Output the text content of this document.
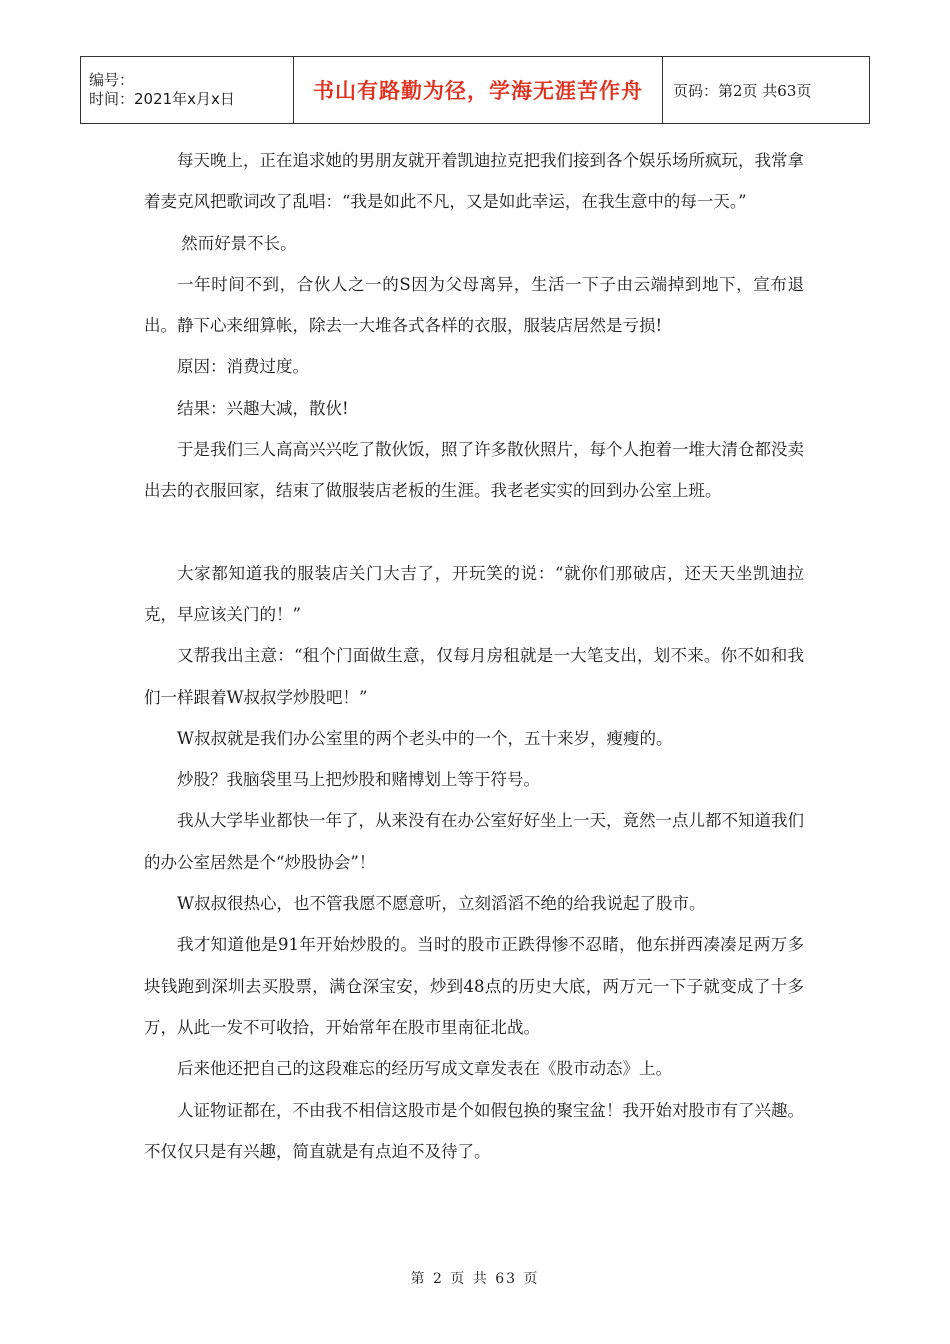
编号：
时间：2021年x月x日	书山有路勤为径，学海无涯苦作舟	页码：第2页 共63页

每天晚上，正在追求她的男朋友就开着凯迪拉克把我们接到各个娱乐场所疯玩，我常拿着麦克风把歌词改了乱唱：“我是如此不凡，又是如此幸运，在我生意中的每一天。”

然而好景不长。

一年时间不到，合伙人之一的S因为父母离异，生活一下子由云端掉到地下，宣布退出。静下心来细算帐，除去一大堆各式各样的衣服，服装店居然是亏损!

原因：消费过度。

结果：兴趣大减，散伙!

于是我们三人高高兴兴吃了散伙饭，照了许多散伙照片，每个人抱着一堆大清仓都没卖出去的衣服回家，结束了做服装店老板的生涯。我老老实实的回到办公室上班。

大家都知道我的服装店关门大吉了，开玩笑的说：“就你们那破店，还天天坐凯迪拉克，早应该关门的！”

又帮我出主意：“租个门面做生意，仅每月房租就是一大笔支出，划不来。你不如和我们一样跟着W叔叔学炒股吧！”

W叔叔就是我们办公室里的两个老头中的一个，五十来岁，瘦瘦的。

炒股？我脑袋里马上把炒股和赌博划上等于符号。

我从大学毕业都快一年了，从来没有在办公室好好坐上一天，竟然一点儿都不知道我们的办公室居然是个“炒股协会”！

W叔叔很热心，也不管我愿不愿意听，立刻滔滔不绝的给我说起了股市。

我才知道他是91年开始炒股的。当时的股市正跌得惨不忍睹，他东拼西凑凑足两万多块钱跑到深圳去买股票，满仓深宝安，炒到48点的历史大底，两万元一下子就变成了十多万，从此一发不可收拾，开始常年在股市里南征北战。

后来他还把自己的这段难忘的经历写成文章发表在《股市动态》上。

人证物证都在，不由我不相信这股市是个如假包换的聚宝盆！我开始对股市有了兴趣。不仅仅只是有兴趣，简直就是有点迫不及待了。

第 2 页 共 63 页
